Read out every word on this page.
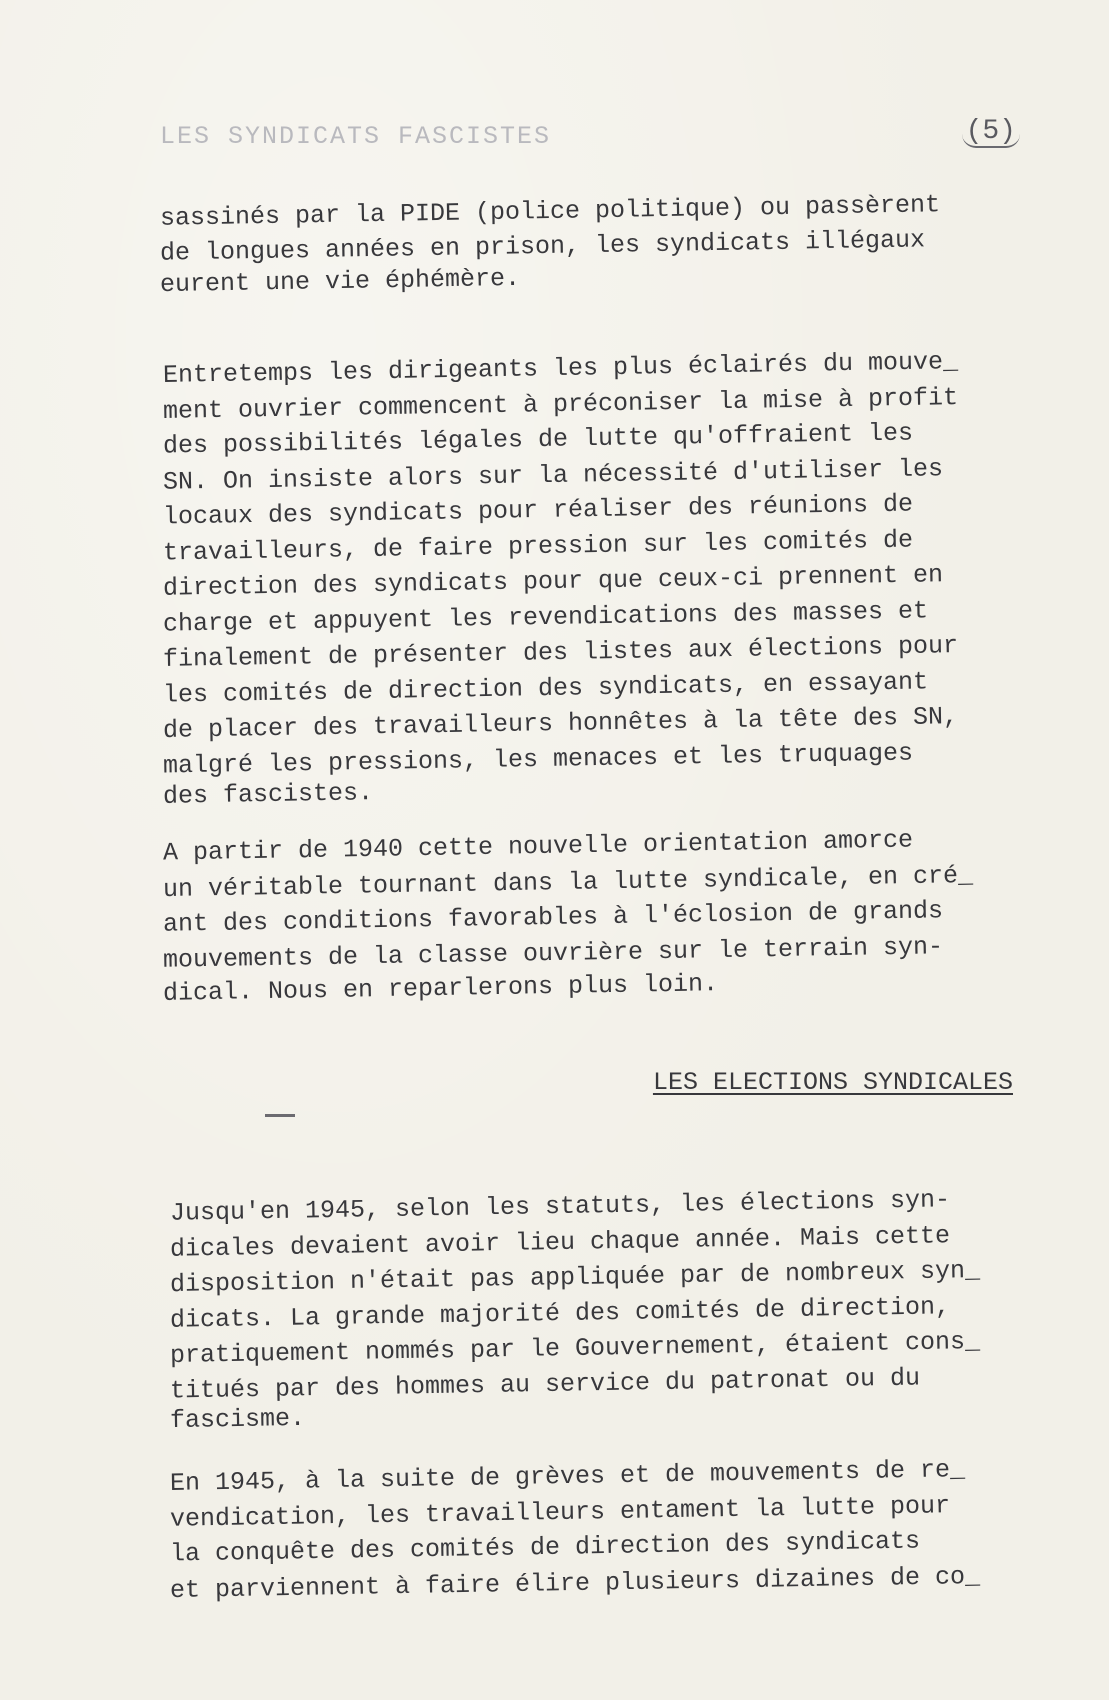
LES SYNDICATS FASCISTES	(5)
sassinés par la PIDE (police politique) ou passèrent
de longues années en prison, les syndicats illégaux
eurent une vie éphémère.
Entretemps les dirigeants les plus éclairés du mouve_
ment ouvrier commencent à préconiser la mise à profit
des possibilités légales de lutte qu'offraient les
SN. On insiste alors sur la nécessité d'utiliser les
locaux des syndicats pour réaliser des réunions de
travailleurs, de faire pression sur les comités de
direction des syndicats pour que ceux-ci prennent en
charge et appuyent les revendications des masses et
finalement de présenter des listes aux élections pour
les comités de direction des syndicats, en essayant
de placer des travailleurs honnêtes à la tête des SN,
malgré les pressions, les menaces et les truquages
des fascistes.
A partir de 1940 cette nouvelle orientation amorce
un véritable tournant dans la lutte syndicale, en cré_
ant des conditions favorables à l'éclosion de grands
mouvements de la classe ouvrière sur le terrain syn-
dical. Nous en reparlerons plus loin.
LES ELECTIONS SYNDICALES
Jusqu'en 1945, selon les statuts, les élections syn-
dicales devaient avoir lieu chaque année. Mais cette
disposition n'était pas appliquée par de nombreux syn_
dicats. La grande majorité des comités de direction,
pratiquement nommés par le Gouvernement, étaient cons_
titués par des hommes au service du patronat ou du
fascisme.
En 1945, à la suite de grèves et de mouvements de re_
vendication, les travailleurs entament la lutte pour
la conquête des comités de direction des syndicats
et parviennent à faire élire plusieurs dizaines de co_
